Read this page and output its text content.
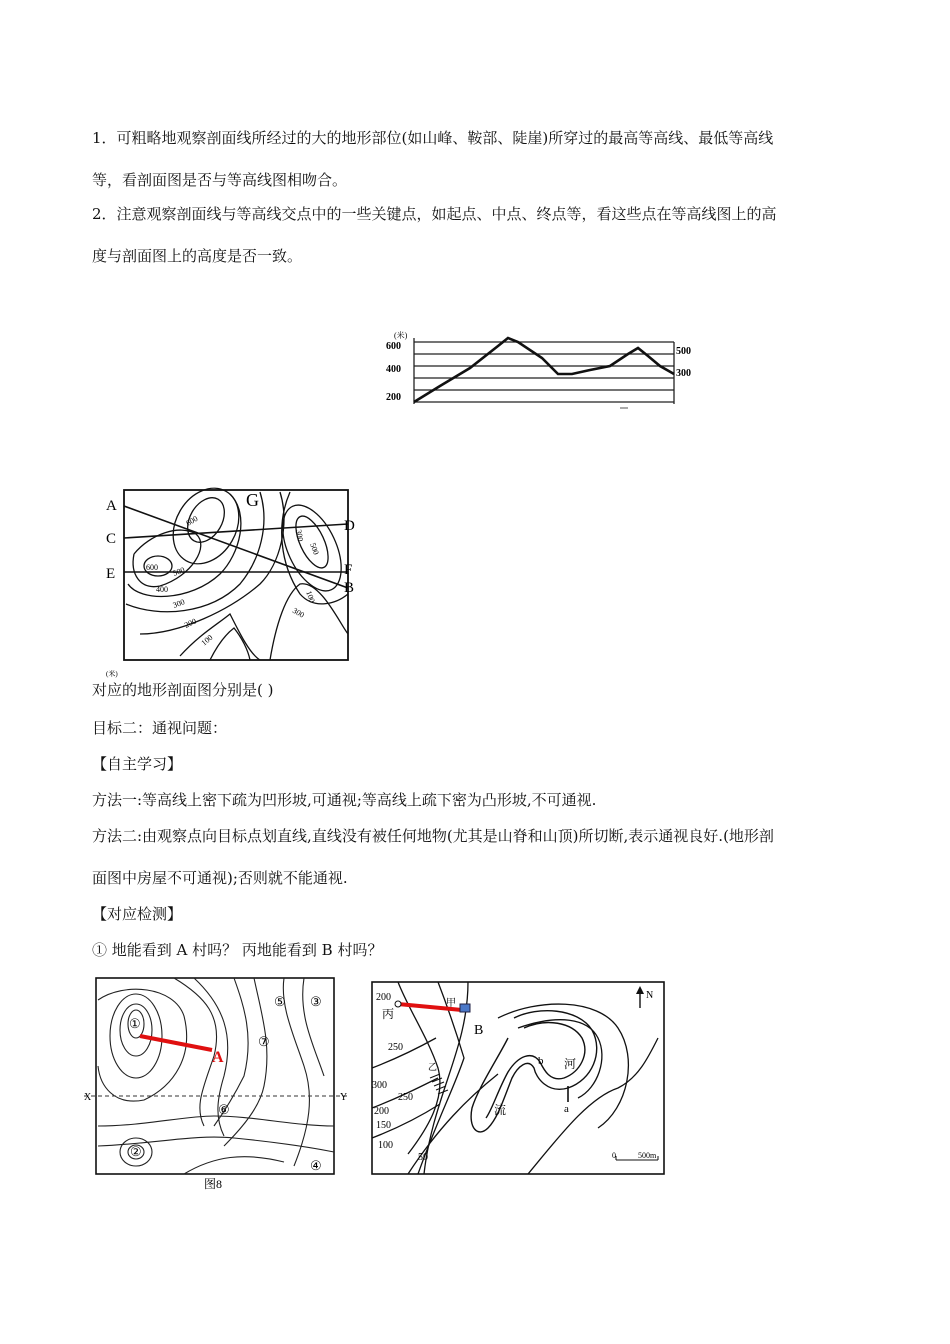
1．可粗略地观察剖面线所经过的大的地形部位(如山峰、鞍部、陡崖)所穿过的最高等高线、最低等高线
等，看剖面图是否与等高线图相吻合。
2．注意观察剖面线与等高线交点中的一些关键点，如起点、中点、终点等，看这些点在等高线图上的高
度与剖面图上的高度是否一致。
(米)
600
400
200
500
300
A
C
E
G
D
F
B
600
600 500
400
300
200
100
300
500
300
100
(米)
对应的地形剖面图分别是( )
目标二：通视问题：
【自主学习】
方法一:等高线上密下疏为凹形坡,可通视;等高线上疏下密为凸形坡,不可通视.
方法二:由观察点向目标点划直线,直线没有被任何地物(尤其是山脊和山顶)所切断,表示通视良好.(地形剖
面图中房屋不可通视);否则就不能通视.
【对应检测】
① 地能看到 A 村吗？ 丙地能看到 B 村吗？
X	Y
①
②
③
④
⑤
⑥
⑦
A
图8
200
丙
甲
B
250
300
250
200
150
100
50
乙	b
a
河
流
N
0	500m
